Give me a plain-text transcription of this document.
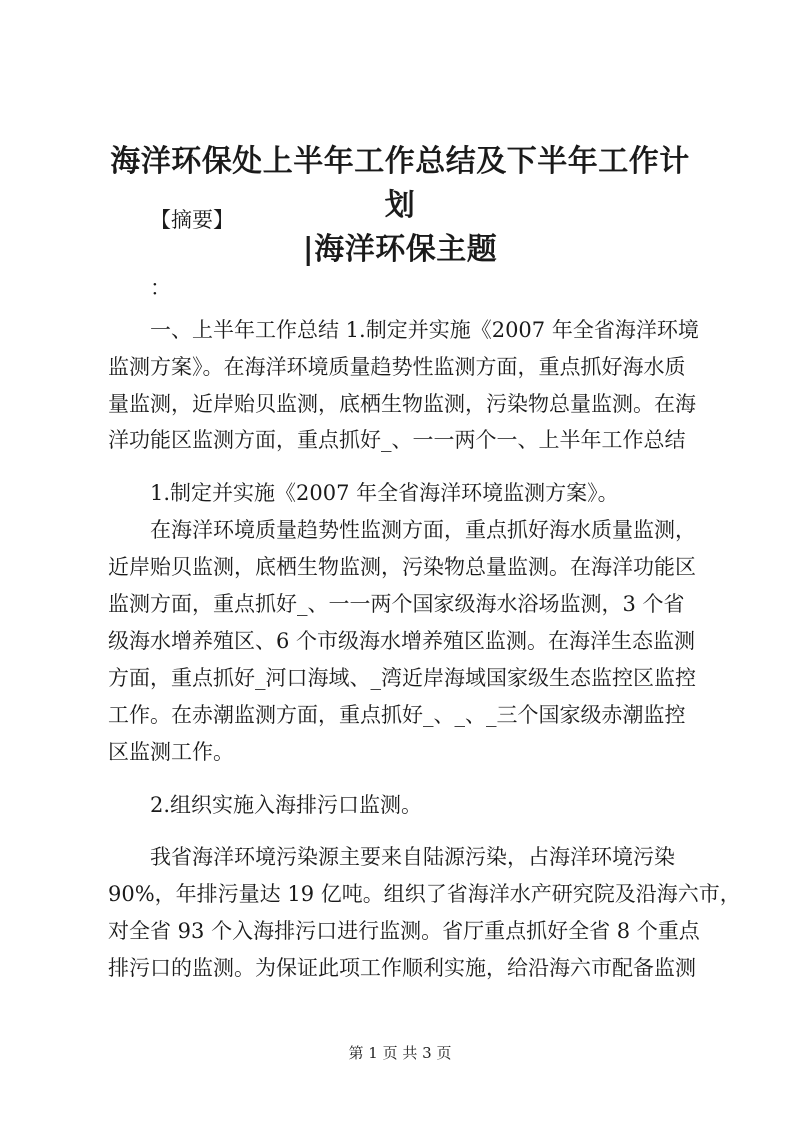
海洋环保处上半年工作总结及下半年工作计划
|海洋环保主题
【摘要】
：
一、上半年工作总结 1.制定并实施《2007 年全省海洋环境
监测方案》。在海洋环境质量趋势性监测方面，重点抓好海水质
量监测，近岸贻贝监测，底栖生物监测，污染物总量监测。在海
洋功能区监测方面，重点抓好_、一一两个一、上半年工作总结
1.制定并实施《2007 年全省海洋环境监测方案》。
在海洋环境质量趋势性监测方面，重点抓好海水质量监测，
近岸贻贝监测，底栖生物监测，污染物总量监测。在海洋功能区
监测方面，重点抓好_、一一两个国家级海水浴场监测，3 个省
级海水增养殖区、6 个市级海水增养殖区监测。在海洋生态监测
方面，重点抓好_河口海域、_湾近岸海域国家级生态监控区监控
工作。在赤潮监测方面，重点抓好_、_、_三个国家级赤潮监控
区监测工作。
2.组织实施入海排污口监测。
我省海洋环境污染源主要来自陆源污染，占海洋环境污染
90%，年排污量达 19 亿吨。组织了省海洋水产研究院及沿海六市，
对全省 93 个入海排污口进行监测。省厅重点抓好全省 8 个重点
排污口的监测。为保证此项工作顺利实施，给沿海六市配备监测
第 1 页 共 3 页
